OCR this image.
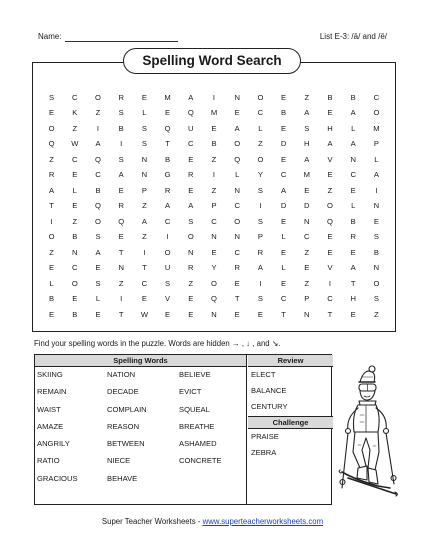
Name:	List E-3: /ā/ and /ē/
Spelling Word Search
S	C	O	R	E	M	A	I	N	O	E	Z	B	B	C
E	K	Z	S	L	E	Q	M	E	C	B	A	E	A	O
O	Z	I	B	S	Q	U	E	A	L	E	S	H	L	M
Q	W	A	I	S	T	C	B	O	Z	D	H	A	A	P
Z	C	Q	S	N	B	E	Z	Q	O	E	A	V	N	L
R	E	C	A	N	G	R	I	L	Y	C	M	E	C	A
A	L	B	E	P	R	E	Z	N	S	A	E	Z	E	I
T	E	Q	R	Z	A	A	P	C	I	D	D	O	L	N
I	Z	O	Q	A	C	S	C	O	S	E	N	Q	B	E
O	B	S	E	Z	I	O	N	N	P	L	C	E	R	S
Z	N	A	T	I	O	N	E	C	R	E	Z	E	E	B
E	C	E	N	T	U	R	Y	R	A	L	E	V	A	N
L	O	S	Z	C	S	Z	O	E	I	E	Z	I	T	O
B	E	L	I	E	V	E	Q	T	S	C	P	C	H	S
E	B	E	T	W	E	E	N	E	E	T	N	T	E	Z
Find your spelling words in the puzzle. Words are hidden → , ↓ , and ↘.
Spelling Words
SKIING	NATION	BELIEVE
REMAIN	DECADE	EVICT
WAIST	COMPLAIN	SQUEAL
AMAZE	REASON	BREATHE
ANGRILY	BETWEEN	ASHAMED
RATIO	NIECE	CONCRETE
GRACIOUS	BEHAVE
Review
ELECT
BALANCE
CENTURY
Challenge
PRAISE
ZEBRA
Super Teacher Worksheets - www.superteacherworksheets.com
